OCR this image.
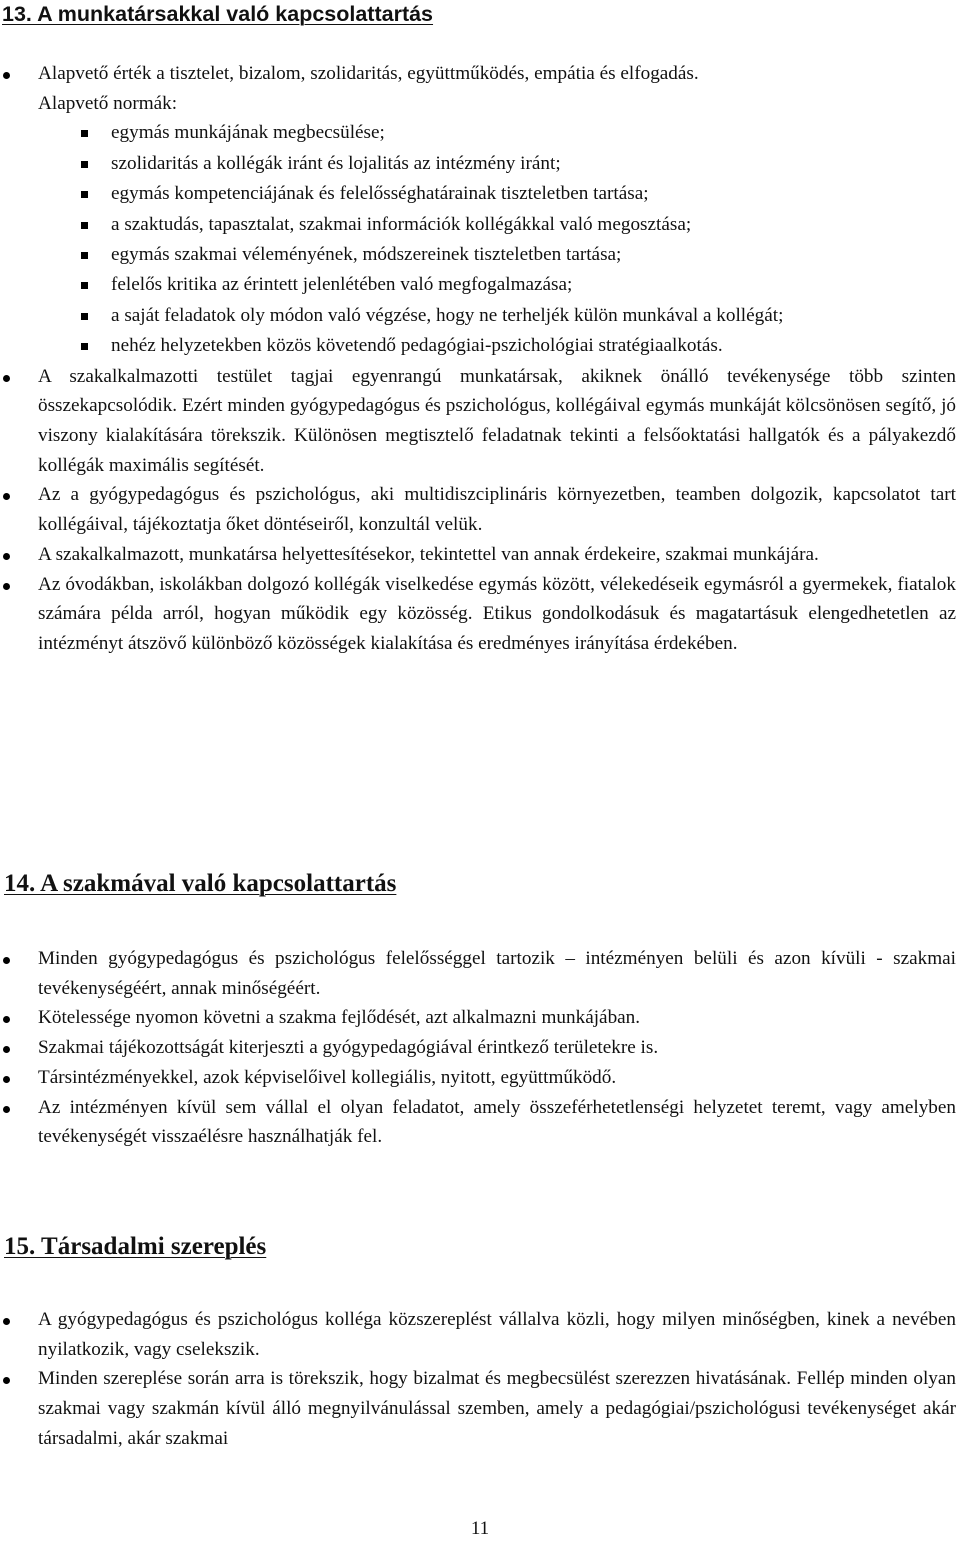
13. A munkatársakkal való kapcsolattartás
Alapvető érték a tisztelet, bizalom, szolidaritás, együttműködés, empátia és elfogadás.
Alapvető normák:
egymás munkájának megbecsülése;
szolidaritás a kollégák iránt és lojalitás az intézmény iránt;
egymás kompetenciájának és felelősséghatárainak tiszteletben tartása;
a szaktudás, tapasztalat, szakmai információk kollégákkal való megosztása;
egymás szakmai véleményének, módszereinek tiszteletben tartása;
felelős kritika az érintett jelenlétében való megfogalmazása;
a saját feladatok oly módon való végzése, hogy ne terheljék külön munkával a kollégát;
nehéz helyzetekben közös követendő pedagógiai-pszichológiai stratégiaalkotás.
A szakalkalmazotti testület tagjai egyenrangú munkatársak, akiknek önálló tevékenysége több szinten összekapcsolódik. Ezért minden gyógypedagógus és pszichológus, kollégáival egymás munkáját kölcsönösen segítő, jó viszony kialakítására törekszik. Különösen megtisztelő feladatnak tekinti a felsőoktatási hallgatók és a pályakezdő kollégák maximális segítését.
Az a gyógypedagógus és pszichológus, aki multidiszciplináris környezetben, teamben dolgozik, kapcsolatot tart kollégáival, tájékoztatja őket döntéseiről, konzultál velük.
A szakalkalmazott, munkatársa helyettesítésekor, tekintettel van annak érdekeire, szakmai munkájára.
Az óvodákban, iskolákban dolgozó kollégák viselkedése egymás között, vélekedéseik egymásról a gyermekek, fiatalok számára példa arról, hogyan működik egy közösség. Etikus gondolkodásuk és magatartásuk elengedhetetlen az intézményt átszövő különböző közösségek kialakítása és eredményes irányítása érdekében.
14. A szakmával való kapcsolattartás
Minden gyógypedagógus és pszichológus felelősséggel tartozik – intézményen belüli és azon kívüli - szakmai tevékenységéért, annak minőségéért.
Kötelessége nyomon követni a szakma fejlődését, azt alkalmazni munkájában.
Szakmai tájékozottságát kiterjeszti a gyógypedagógiával érintkező területekre is.
Társintézményekkel, azok képviselőivel kollegiális, nyitott, együttműködő.
Az intézményen kívül sem vállal el olyan feladatot, amely összeférhetetlenségi helyzetet teremt, vagy amelyben tevékenységét visszaélésre használhatják fel.
15. Társadalmi szereplés
A gyógypedagógus és pszichológus kolléga közszereplést vállalva közli, hogy milyen minőségben, kinek a nevében nyilatkozik, vagy cselekszik.
Minden szereplése során arra is törekszik, hogy bizalmat és megbecsülést szerezzen hivatásának. Fellép minden olyan szakmai vagy szakmán kívül álló megnyilvánulással szemben, amely a pedagógiai/pszichológusi tevékenységet akár társadalmi, akár szakmai
11
